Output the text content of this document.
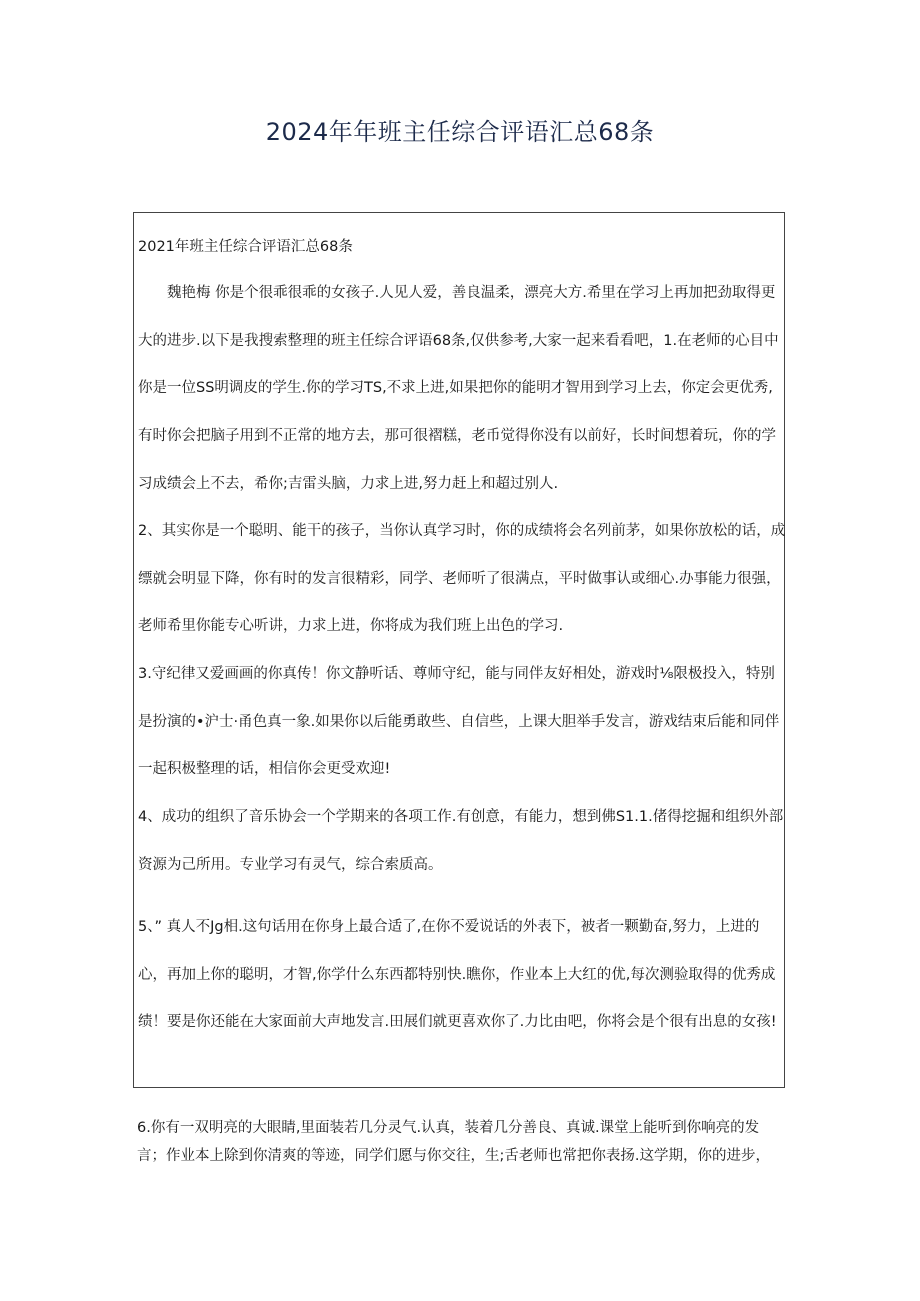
2024年年班主任综合评语汇总68条

2021年班主任综合评语汇总68条

魏艳梅 你是个很乖很乖的女孩子.人见人爱，善良温柔，漂亮大方.希里在学习上再加把劲取得更大的进步.以下是我搜索整理的班主任综合评语68条,仅供参考,大家一起来看看吧，1.在老师的心目中你是一位SS明调皮的学生.你的学习TS,不求上进,如果把你的能明才智用到学习上去，你定会更优秀,有时你会把脑子用到不正常的地方去，那可很褶糕，老币觉得你没有以前好，长时间想着玩，你的学习成绩会上不去，希你;吉雷头脑，力求上进,努力赶上和超过别人.

2、其实你是一个聪明、能干的孩子，当你认真学习时，你的成绩将会名列前茅，如果你放松的话，成缥就会明显下降，你有时的发言很精彩，同学、老师听了很满点，平时做事认或细心.办事能力很强，老师希里你能专心听讲，力求上进，你将成为我们班上出色的学习.

3.守纪律又爱画画的你真传！你文静听话、尊师守纪，能与同伴友好相处，游戏时⅛限极投入，特别是扮演的•沪士·甬色真一象.如果你以后能勇敢些、自信些，上课大胆举手发言，游戏结束后能和同伴一起积极整理的话，相信你会更受欢迎!

4、成功的组织了音乐协会一个学期来的各项工作.有创意，有能力，想到佛S1.1.偖得挖掘和组织外部资源为己所用。专业学习有灵气，综合索质高。

5、” 真人不Jg相.这句话用在你身上最合适了,在你不爱说话的外表下，被者一颗勤奋,努力，上进的心，再加上你的聪明，才智,你学什么东西都特别快.瞧你，作业本上大红的优,每次测验取得的优秀成绩！要是你还能在大家面前大声地发言.田展们就更喜欢你了.力比由吧，你将会是个很有出息的女孩!

6.你有一双明亮的大眼睛,里面装若几分灵气.认真，装着几分善良、真诚.课堂上能听到你响亮的发言；作业本上除到你清爽的等迹，同学们愿与你交往，生;舌老师也常把你表扬.这学期，你的进步，
